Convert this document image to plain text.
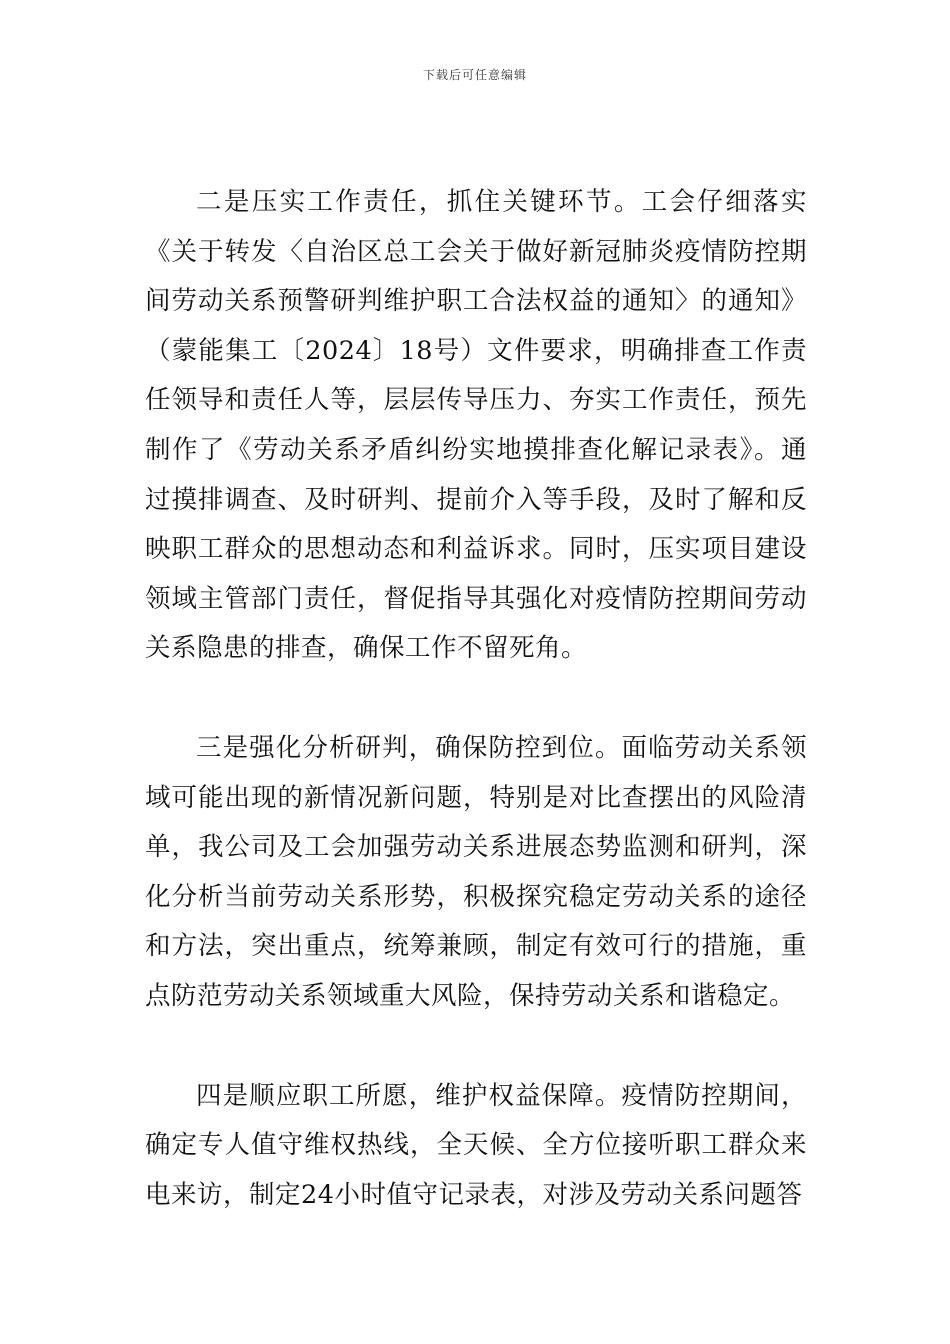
下载后可任意编辑

二是压实工作责任，抓住关键环节。工会仔细落实《关于转发〈自治区总工会关于做好新冠肺炎疫情防控期间劳动关系预警研判维护职工合法权益的通知〉的通知》（蒙能集工〔2024〕18号）文件要求，明确排查工作责任领导和责任人等，层层传导压力、夯实工作责任，预先制作了《劳动关系矛盾纠纷实地摸排查化解记录表》。通过摸排调查、及时研判、提前介入等手段，及时了解和反映职工群众的思想动态和利益诉求。同时，压实项目建设领域主管部门责任，督促指导其强化对疫情防控期间劳动关系隐患的排查，确保工作不留死角。

三是强化分析研判，确保防控到位。面临劳动关系领域可能出现的新情况新问题，特别是对比查摆出的风险清单，我公司及工会加强劳动关系进展态势监测和研判，深化分析当前劳动关系形势，积极探究稳定劳动关系的途径和方法，突出重点，统筹兼顾，制定有效可行的措施，重点防范劳动关系领域重大风险，保持劳动关系和谐稳定。

四是顺应职工所愿，维护权益保障。疫情防控期间，确定专人值守维权热线，全天候、全方位接听职工群众来电来访，制定24小时值守记录表，对涉及劳动关系问题答
